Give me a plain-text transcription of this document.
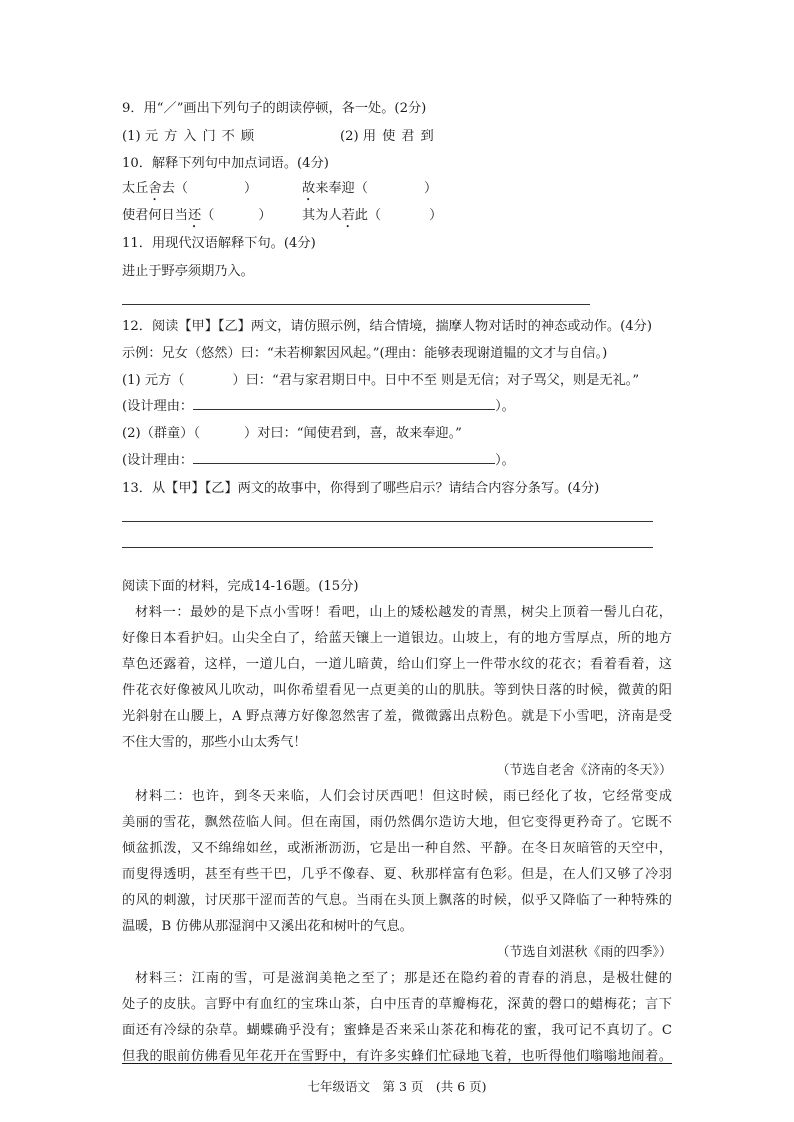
9．用“／”画出下列句子的朗读停顿，各一处。(2分)
(1) 元方入门不顾	(2) 用使君到
10．解释下列句中加点词语。(4分)
太丘舍去（	）	故来奉迎（	）
使君何日当还（	） 其为人若此（	）
11．用现代汉语解释下句。(4分)
进止于野亭须期乃入。
12．阅读【甲】【乙】两文，请仿照示例，结合情境，揣摩人物对话时的神态或动作。(4分)
示例：兄女（悠然）曰：“未若柳絮因风起。”(理由：能够表现谢道韫的文才与自信。)
(1) 元方（	）曰：“君与家君期日中。日中不至 则是无信；对子骂父，则是无礼。”
(设计理由：	）。
(2)（群童）（	）对曰：“闻使君到，喜，故来奉迎。”
(设计理由：	）。
13．从【甲】【乙】两文的故事中，你得到了哪些启示？请结合内容分条写。(4分)
阅读下面的材料，完成14-16题。(15分)
材料一：最妙的是下点小雪呀！看吧，山上的矮松越发的青黑，树尖上顶着一髻儿白花，
好像日本看护妇。山尖全白了，给蓝天镶上一道银边。山坡上，有的地方雪厚点，所的地方
草色还露着，这样，一道儿白，一道儿暗黄，给山们穿上一件带水纹的花衣；看着看着，这
件花衣好像被风儿吹动，叫你希望看见一点更美的山的肌肤。等到快日落的时候，微黄的阳
光斜射在山腰上，A 野点薄方好像忽然害了羞，微微露出点粉色。就是下小雪吧，济南是受
不住大雪的，那些小山太秀气！
（节选自老舍《济南的冬天》）
材料二：也许，到冬天来临，人们会讨厌西吧！但这时候，雨已经化了妆，它经常变成
美丽的雪花，飘然莅临人间。但在南国，雨仍然偶尔造访大地，但它变得更矜奇了。它既不
倾盆抓泼，又不绵绵如丝，或淅淅沥沥，它是出一种自然、平静。在冬日灰暗管的天空中，
而叟得透明，甚至有些干巴，几乎不像春、夏、秋那样富有色彩。但是，在人们又够了冷羽
的风的刺激，讨厌那干涩而苦的气息。当雨在头顶上飘落的时候，似乎又降临了一种特殊的
温暖，B 仿佛从那湿润中又溪出花和树叶的气息。
（节选自刘湛秋《雨的四季》）
材料三：江南的雪，可是滋润美艳之至了；那是还在隐约着的青春的消息，是极壮健的
处子的皮肤。言野中有血红的宝珠山茶，白中压青的草瓣梅花，深黄的磬口的蜡梅花；言下
面还有冷绿的杂草。蝴蝶确乎没有；蜜蜂是否来采山茶花和梅花的蜜，我可记不真切了。C
但我的眼前仿佛看见年花开在雪野中，有许多实蜂们忙碌地飞着，也听得他们嗡嗡地闹着。
七年级语文　第 3 页　(共 6 页)
